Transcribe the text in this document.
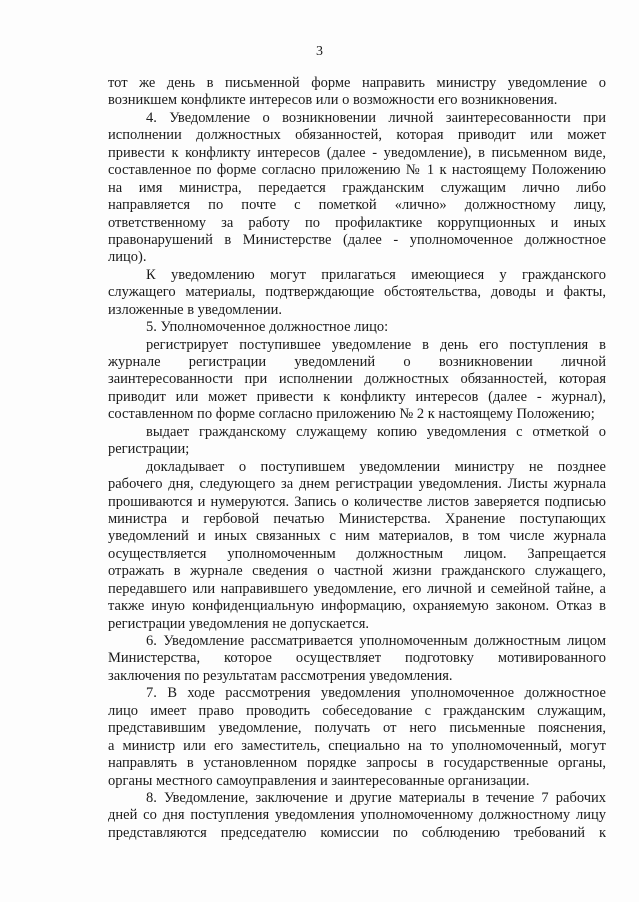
3
тот же день в письменной форме направить министру уведомление о
возникшем конфликте интересов или о возможности его возникновения.
4. Уведомление о возникновении личной заинтересованности при
исполнении должностных обязанностей, которая приводит или может
привести к конфликту интересов (далее - уведомление), в письменном виде,
составленное по форме согласно приложению № 1 к настоящему Положению
на имя министра, передается гражданским служащим лично либо
направляется по почте с пометкой «лично» должностному лицу,
ответственному за работу по профилактике коррупционных и иных
правонарушений в Министерстве (далее - уполномоченное должностное
лицо).
К уведомлению могут прилагаться имеющиеся у гражданского
служащего материалы, подтверждающие обстоятельства, доводы и факты,
изложенные в уведомлении.
5. Уполномоченное должностное лицо:
регистрирует поступившее уведомление в день его поступления в
журнале регистрации уведомлений о возникновении личной
заинтересованности при исполнении должностных обязанностей, которая
приводит или может привести к конфликту интересов (далее - журнал),
составленном по форме согласно приложению № 2 к настоящему Положению;
выдает гражданскому служащему копию уведомления с отметкой о
регистрации;
докладывает о поступившем уведомлении министру не позднее
рабочего дня, следующего за днем регистрации уведомления. Листы журнала
прошиваются и нумеруются. Запись о количестве листов заверяется подписью
министра и гербовой печатью Министерства. Хранение поступающих
уведомлений и иных связанных с ним материалов, в том числе журнала
осуществляется уполномоченным должностным лицом. Запрещается
отражать в журнале сведения о частной жизни гражданского служащего,
передавшего или направившего уведомление, его личной и семейной тайне, а
также иную конфиденциальную информацию, охраняемую законом. Отказ в
регистрации уведомления не допускается.
6. Уведомление рассматривается уполномоченным должностным лицом
Министерства, которое осуществляет подготовку мотивированного
заключения по результатам рассмотрения уведомления.
7. В ходе рассмотрения уведомления уполномоченное должностное
лицо имеет право проводить собеседование с гражданским служащим,
представившим уведомление, получать от него письменные пояснения,
а министр или его заместитель, специально на то уполномоченный, могут
направлять в установленном порядке запросы в государственные органы,
органы местного самоуправления и заинтересованные организации.
8. Уведомление, заключение и другие материалы в течение 7 рабочих
дней со дня поступления уведомления уполномоченному должностному лицу
представляются председателю комиссии по соблюдению требований к
